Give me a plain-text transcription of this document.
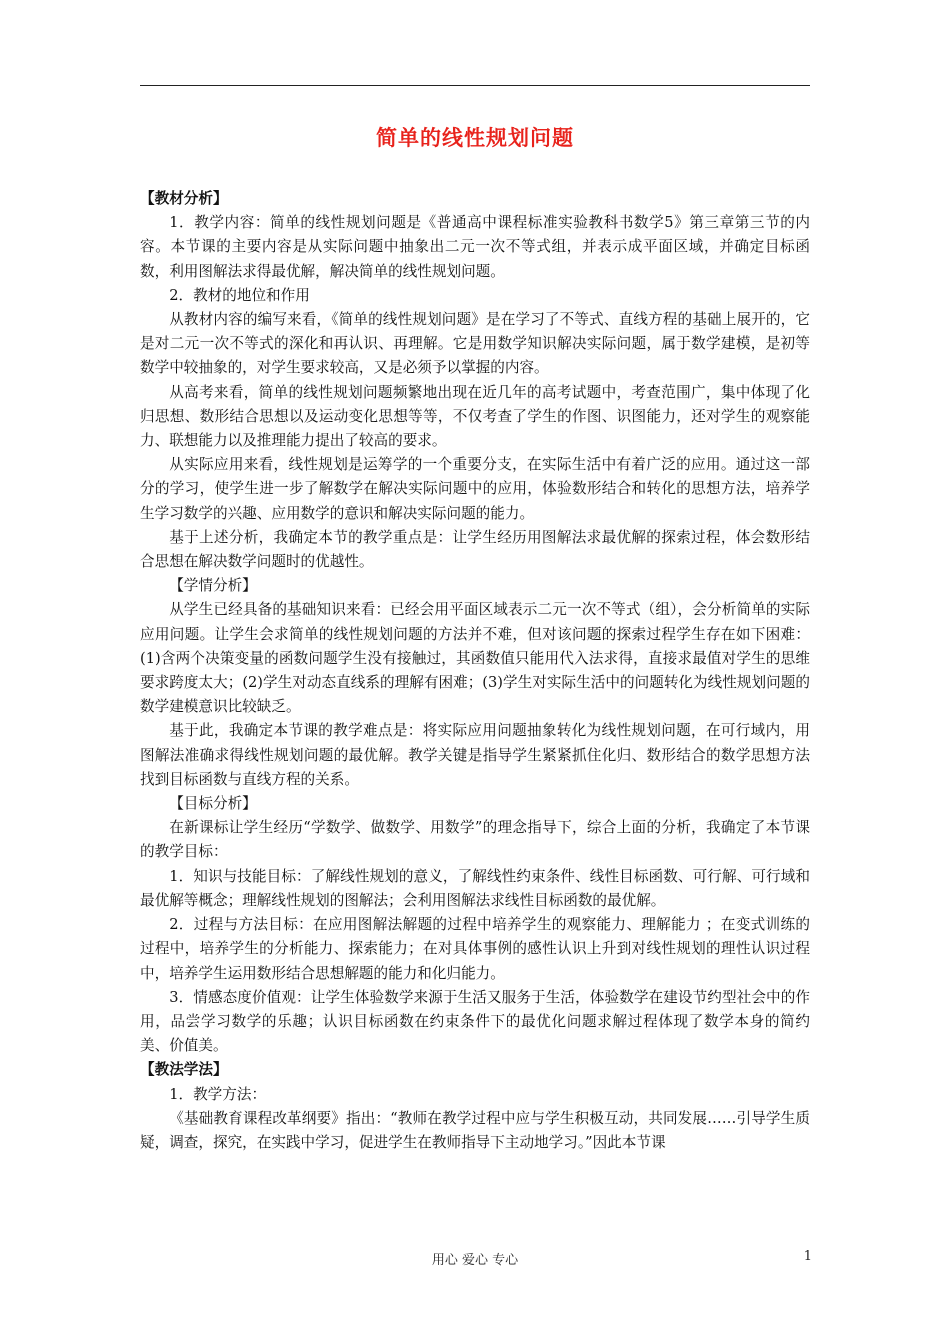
简单的线性规划问题

【教材分析】

1．教学内容：简单的线性规划问题是《普通高中课程标准实验教科书数学5》第三章第三节的内容。本节课的主要内容是从实际问题中抽象出二元一次不等式组，并表示成平面区域，并确定目标函数，利用图解法求得最优解，解决简单的线性规划问题。

2．教材的地位和作用

从教材内容的编写来看，《简单的线性规划问题》是在学习了不等式、直线方程的基础上展开的，它是对二元一次不等式的深化和再认识、再理解。它是用数学知识解决实际问题，属于数学建模，是初等数学中较抽象的，对学生要求较高，又是必须予以掌握的内容。

从高考来看，简单的线性规划问题频繁地出现在近几年的高考试题中，考查范围广，集中体现了化归思想、数形结合思想以及运动变化思想等等，不仅考查了学生的作图、识图能力，还对学生的观察能力、联想能力以及推理能力提出了较高的要求。

从实际应用来看，线性规划是运筹学的一个重要分支，在实际生活中有着广泛的应用。通过这一部分的学习，使学生进一步了解数学在解决实际问题中的应用，体验数形结合和转化的思想方法，培养学生学习数学的兴趣、应用数学的意识和解决实际问题的能力。

基于上述分析，我确定本节的教学重点是：让学生经历用图解法求最优解的探索过程，体会数形结合思想在解决数学问题时的优越性。

【学情分析】

从学生已经具备的基础知识来看：已经会用平面区域表示二元一次不等式（组），会分析简单的实际应用问题。让学生会求简单的线性规划问题的方法并不难，但对该问题的探索过程学生存在如下困难：(1)含两个决策变量的函数问题学生没有接触过，其函数值只能用代入法求得，直接求最值对学生的思维要求跨度太大；(2)学生对动态直线系的理解有困难；(3)学生对实际生活中的问题转化为线性规划问题的数学建模意识比较缺乏。

基于此，我确定本节课的教学难点是：将实际应用问题抽象转化为线性规划问题，在可行域内，用图解法准确求得线性规划问题的最优解。教学关键是指导学生紧紧抓住化归、数形结合的数学思想方法找到目标函数与直线方程的关系。

【目标分析】

在新课标让学生经历“学数学、做数学、用数学”的理念指导下，综合上面的分析，我确定了本节课的教学目标：

1．知识与技能目标：了解线性规划的意义，了解线性约束条件、线性目标函数、可行解、可行域和最优解等概念；理解线性规划的图解法；会利用图解法求线性目标函数的最优解。

2．过程与方法目标：在应用图解法解题的过程中培养学生的观察能力、理解能力 ；在变式训练的过程中，培养学生的分析能力、探索能力；在对具体事例的感性认识上升到对线性规划的理性认识过程中，培养学生运用数形结合思想解题的能力和化归能力。

3．情感态度价值观：让学生体验数学来源于生活又服务于生活，体验数学在建设节约型社会中的作用，品尝学习数学的乐趣；认识目标函数在约束条件下的最优化问题求解过程体现了数学本身的简约美、价值美。

【教法学法】

1．教学方法：

《基础教育课程改革纲要》指出：“教师在教学过程中应与学生积极互动，共同发展……引导学生质疑，调查，探究，在实践中学习，促进学生在教师指导下主动地学习。”因此本节课

用心 爱心 专心	1
